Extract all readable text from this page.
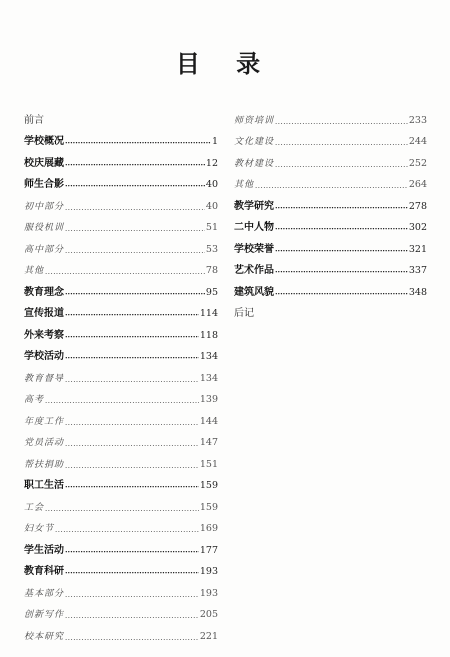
目 录
前言
学校概况 •••••	1
校庆展藏 •••••	12
师生合影 •••••	40
初中部分 .....	40
服役机训 .....	51
高中部分 .....	53
其他 .....	78
教育理念 •••••	95
宣传报道 •••••	114
外来考察 •••••	118
学校活动 •••••	134
教育督导 .....	134
高考 .....	139
年度工作 .....	144
党员活动 .....	147
帮扶捐助 .....	151
职工生活 •••••	159
工会 .....	159
妇女节 .....	169
学生活动 •••••	177
教育科研 •••••	193
基本部分 .....	193
创新写作 .....	205
校本研究 .....	221
师资培训 .....	233
文化建设 .....	244
教材建设 .....	252
其他 .....	264
教学研究 •••••	278
二中人物 •••••	302
学校荣誉 •••••	321
艺术作品 •••••	337
建筑风貌 •••••	348
后记
